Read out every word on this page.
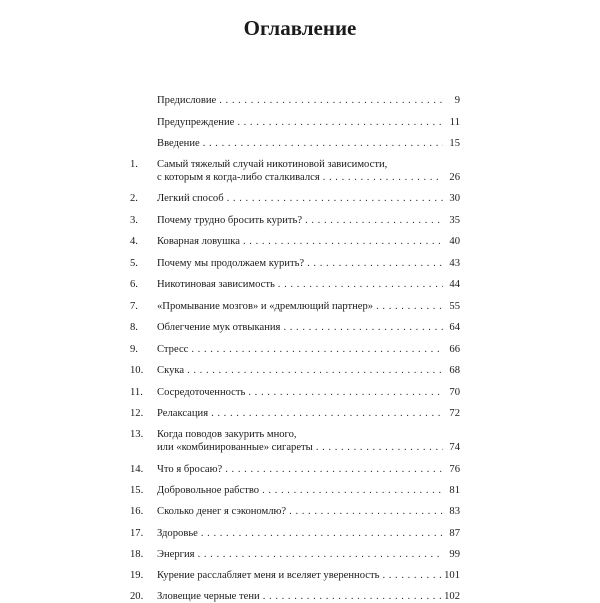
Оглавление
Предисловие . . .	9
Предупреждение . . .	11
Введение . . .	15
1.	Самый тяжелый случай никотиновой зависимости,
с которым я когда-либо сталкивался . . .	26
2.	Легкий способ . . .	30
3.	Почему трудно бросить курить? . . .	35
4.	Коварная ловушка . . .	40
5.	Почему мы продолжаем курить? . . .	43
6.	Никотиновая зависимость . . .	44
7.	«Промывание мозгов» и «дремлющий партнер» . . .	55
8.	Облегчение мук отвыкания . . .	64
9.	Стресс . . .	66
10.	Скука . . .	68
11.	Сосредоточенность . . .	70
12.	Релаксация . . .	72
13.	Когда поводов закурить много,
или «комбинированные» сигареты . . .	74
14.	Что я бросаю? . . .	76
15.	Добровольное рабство . . .	81
16.	Сколько денег я сэкономлю? . . .	83
17.	Здоровье . . .	87
18.	Энергия . . .	99
19.	Курение расслабляет меня и вселяет уверенность . . .	101
20.	Зловещие черные тени . . .	102
